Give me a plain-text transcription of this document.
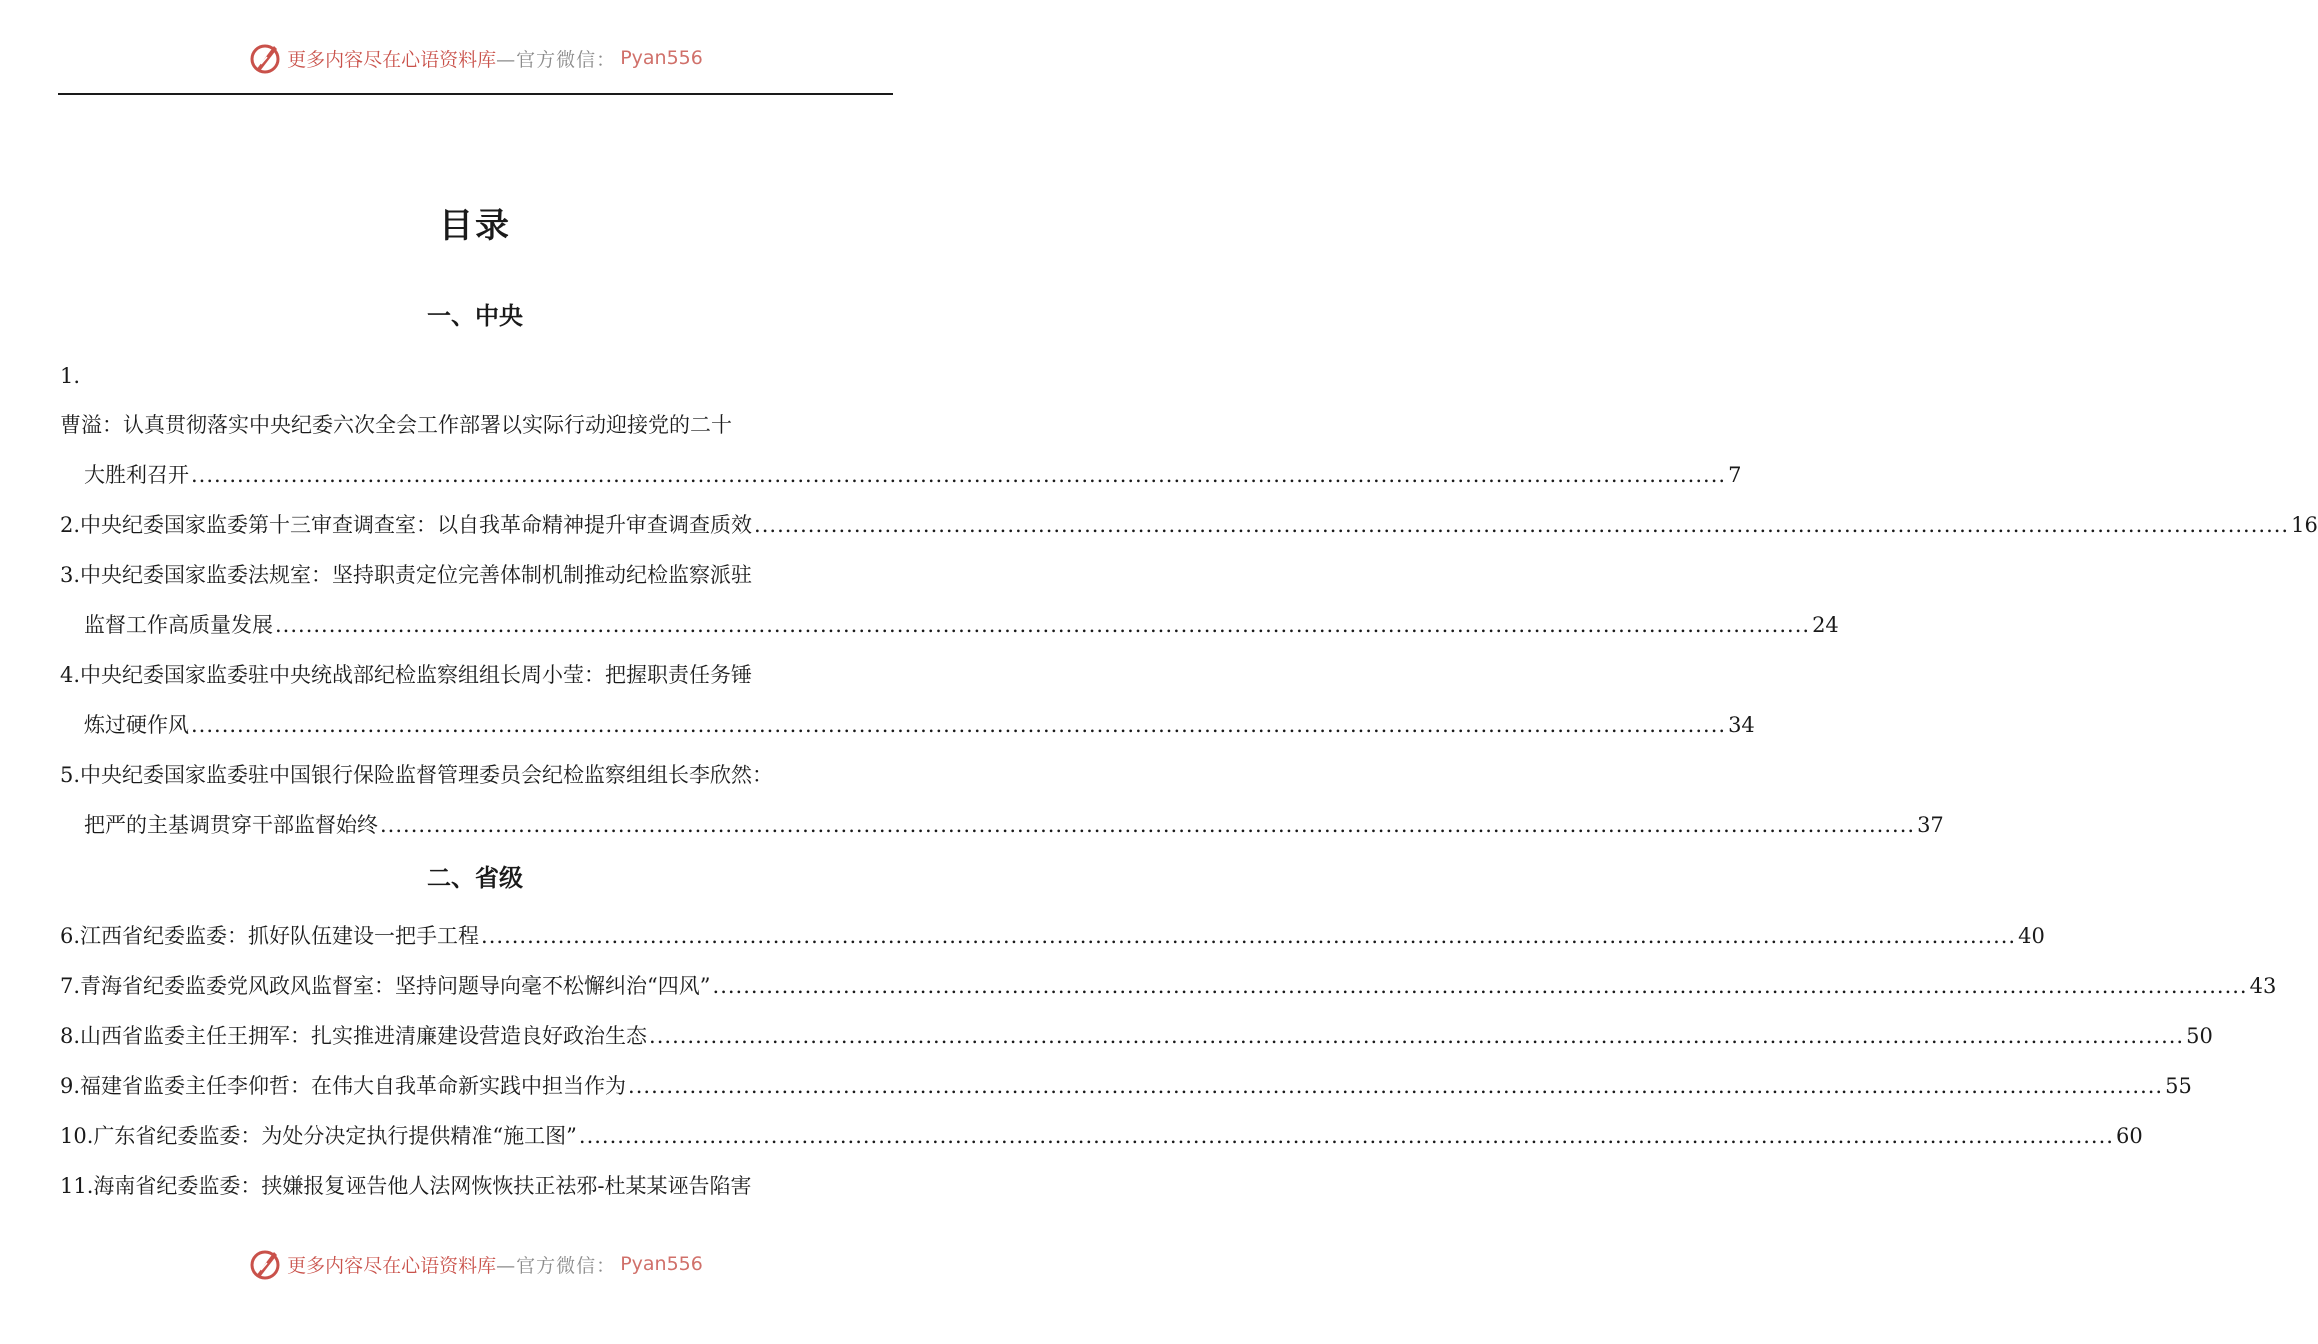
更多内容尽在心语资料库 —官方微信： Pyan556
目录
一、中央
1.
曹溢：认真贯彻落实中央纪委六次全会工作部署以实际行动迎接党的二十
大胜利召开 ........................................................................................................................................................................................................ 7
2. 中央纪委国家监委第十三审查调查室：以自我革命精神提升审查调查质效 ........................................................................................................................................................................................................ 16
3.中央纪委国家监委法规室：坚持职责定位完善体制机制推动纪检监察派驻
监督工作高质量发展 ........................................................................................................................................................................................................ 24
4.中央纪委国家监委驻中央统战部纪检监察组组长周小莹：把握职责任务锤
炼过硬作风 ........................................................................................................................................................................................................ 34
5.中央纪委国家监委驻中国银行保险监督管理委员会纪检监察组组长李欣然：
把严的主基调贯穿干部监督始终 ........................................................................................................................................................................................................ 37
二、省级
6. 江西省纪委监委：抓好队伍建设一把手工程 ........................................................................................................................................................................................................ 40
7. 青海省纪委监委党风政风监督室：坚持问题导向毫不松懈纠治“四风” ........................................................................................................................................................................................................ 43
8. 山西省监委主任王拥军：扎实推进清廉建设营造良好政治生态 ........................................................................................................................................................................................................ 50
9. 福建省监委主任李仰哲：在伟大自我革命新实践中担当作为 ........................................................................................................................................................................................................ 55
10. 广东省纪委监委：为处分决定执行提供精准“施工图” ........................................................................................................................................................................................................ 60
11.海南省纪委监委：挟嫌报复诬告他人法网恢恢扶正祛邪-杜某某诬告陷害
更多内容尽在心语资料库 —官方微信： Pyan556
